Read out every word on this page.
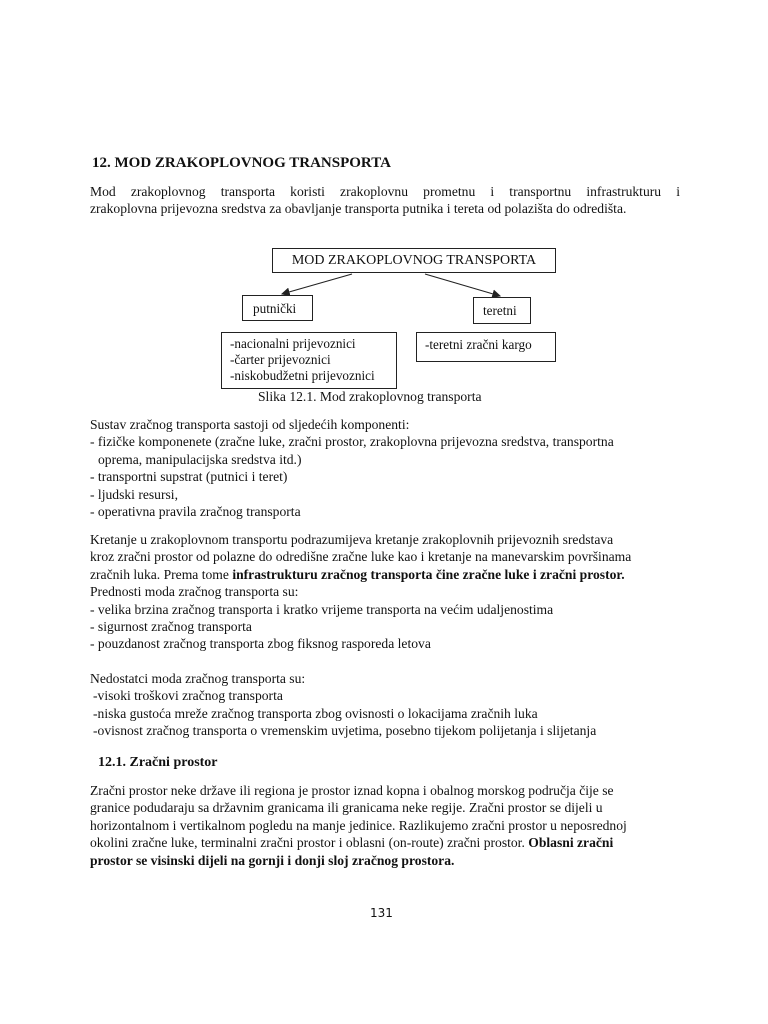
12. MOD ZRAKOPLOVNOG TRANSPORTA
Mod zrakoplovnog transporta koristi zrakoplovnu prometnu i transportnu infrastrukturu i
zrakoplovna prijevozna sredstva za obavljanje transporta putnika i tereta od polazišta do odredišta.
MOD ZRAKOPLOVNOG TRANSPORTA
putnički	teretni
-nacionalni prijevoznici
-čarter prijevoznici
-niskobudžetni prijevoznici
-teretni zračni kargo
Slika 12.1. Mod zrakoplovnog transporta
Sustav zračnog transporta sastoji od sljedećih komponenti:
- fizičke komponenete (zračne luke, zračni prostor, zrakoplovna prijevozna sredstva, transportna
oprema, manipulacijska sredstva itd.)
- transportni supstrat (putnici i teret)
- ljudski resursi,
- operativna pravila zračnog transporta
Kretanje u zrakoplovnom transportu podrazumijeva kretanje zrakoplovnih prijevoznih sredstava
kroz zračni prostor od polazne do odredišne zračne luke kao i kretanje na manevarskim površinama
zračnih luka. Prema tome infrastrukturu zračnog transporta čine zračne luke i zračni prostor.
Prednosti moda zračnog transporta su:
- velika brzina zračnog transporta i kratko vrijeme transporta na većim udaljenostima
- sigurnost zračnog transporta
- pouzdanost zračnog transporta zbog fiksnog rasporeda letova
Nedostatci moda zračnog transporta su:
-visoki troškovi zračnog transporta
-niska gustoća mreže zračnog transporta zbog ovisnosti o lokacijama zračnih luka
-ovisnost zračnog transporta o vremenskim uvjetima, posebno tijekom polijetanja i slijetanja
12.1. Zračni prostor
Zračni prostor neke države ili regiona je prostor iznad kopna i obalnog morskog područja čije se
granice podudaraju sa državnim granicama ili granicama neke regije. Zračni prostor se dijeli u
horizontalnom i vertikalnom pogledu na manje jedinice. Razlikujemo zračni prostor u neposrednoj
okolini zračne luke, terminalni zračni prostor i oblasni (on-route) zračni prostor. Oblasni zračni
prostor se visinski dijeli na gornji i donji sloj zračnog prostora.
131
